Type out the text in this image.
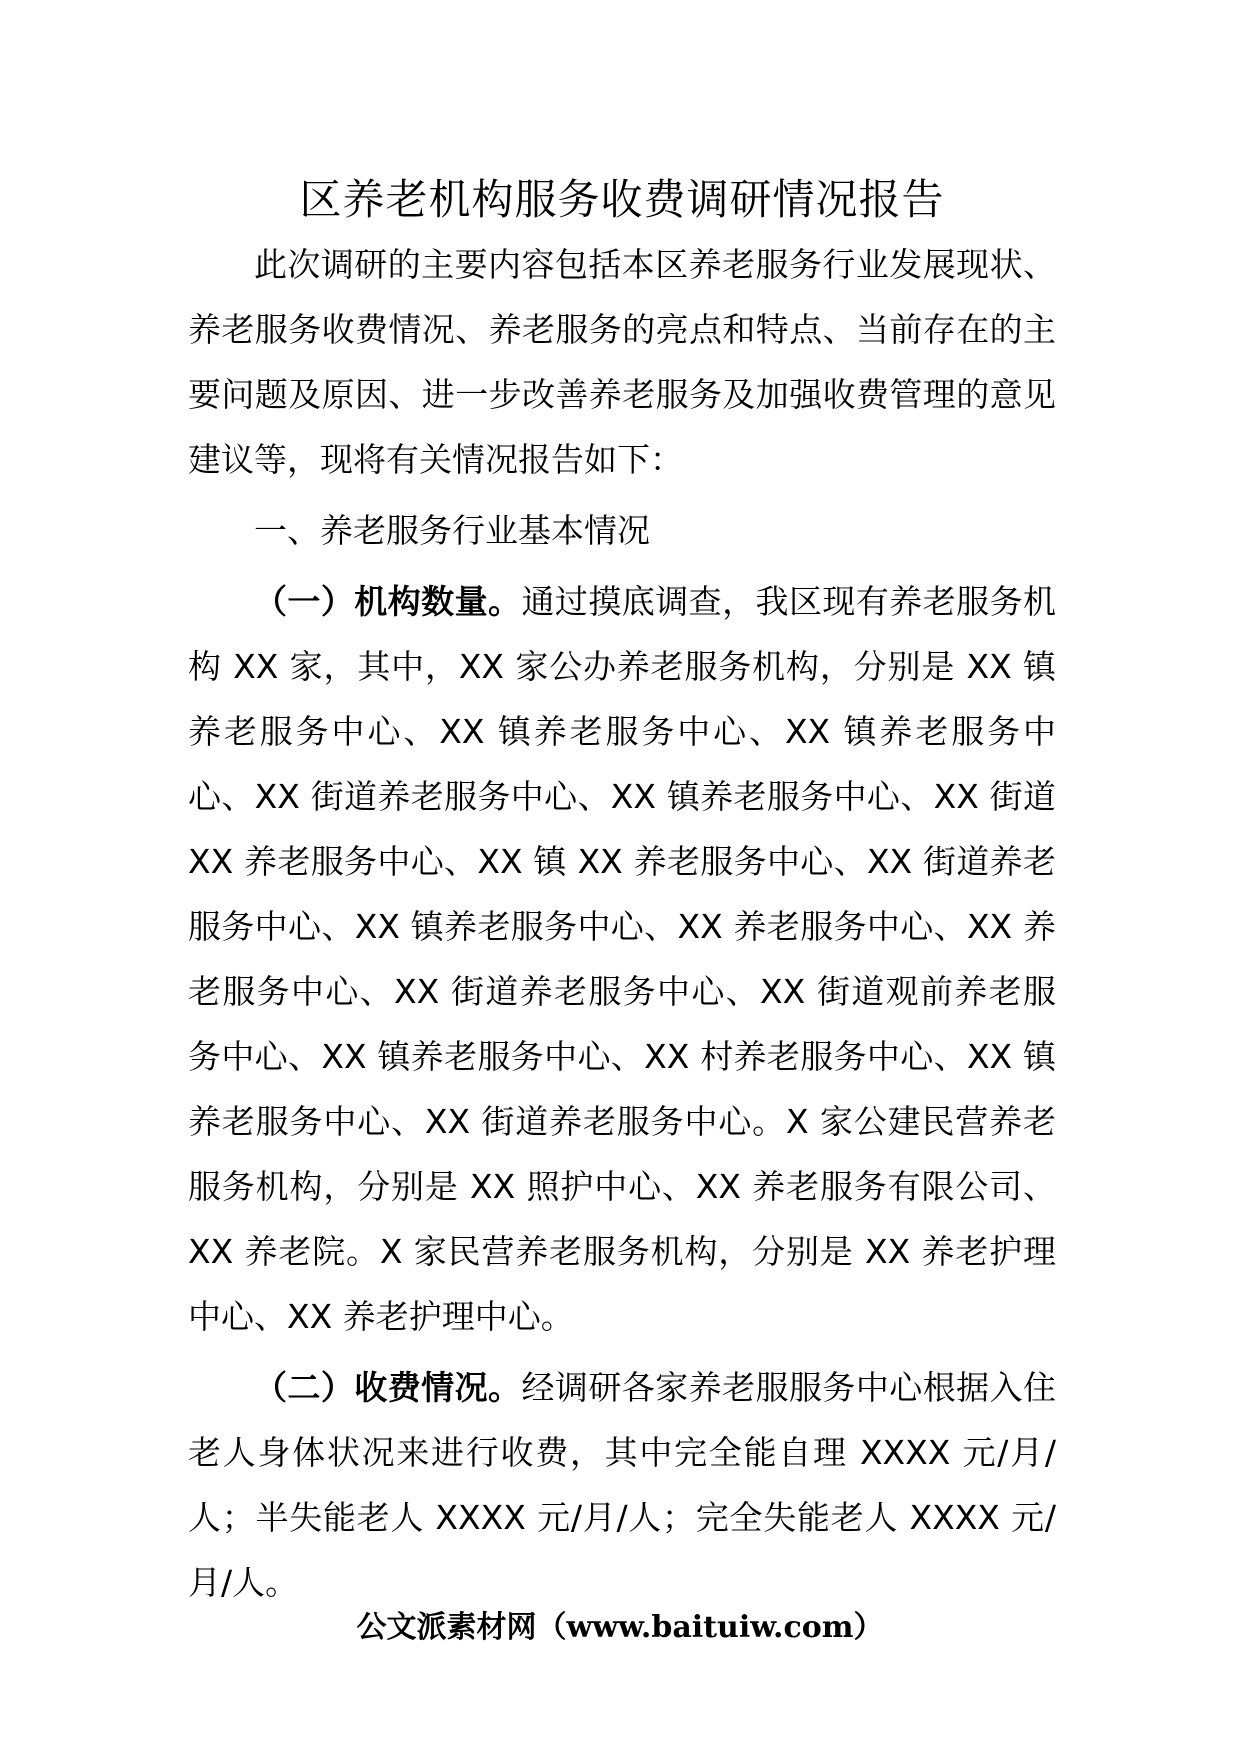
区养老机构服务收费调研情况报告

此次调研的主要内容包括本区养老服务行业发展现状、养老服务收费情况、养老服务的亮点和特点、当前存在的主要问题及原因、进一步改善养老服务及加强收费管理的意见建议等，现将有关情况报告如下：

一、养老服务行业基本情况

（一）机构数量。通过摸底调查，我区现有养老服务机构 XX 家，其中，XX 家公办养老服务机构，分别是 XX 镇养老服务中心、XX 镇养老服务中心、XX 镇养老服务中心、XX 街道养老服务中心、XX 镇养老服务中心、XX 街道 XX 养老服务中心、XX 镇 XX 养老服务中心、XX 街道养老服务中心、XX 镇养老服务中心、XX 养老服务中心、XX 养老服务中心、XX 街道养老服务中心、XX 街道观前养老服务中心、XX 镇养老服务中心、XX 村养老服务中心、XX 镇养老服务中心、XX 街道养老服务中心。X 家公建民营养老服务机构，分别是 XX 照护中心、XX 养老服务有限公司、XX 养老院。X 家民营养老服务机构，分别是 XX 养老护理中心、XX 养老护理中心。

（二）收费情况。经调研各家养老服服务中心根据入住老人身体状况来进行收费，其中完全能自理 XXXX 元/月/人；半失能老人 XXXX 元/月/人；完全失能老人 XXXX 元/月/人。

公文派素材网（www.baituiw.com）
